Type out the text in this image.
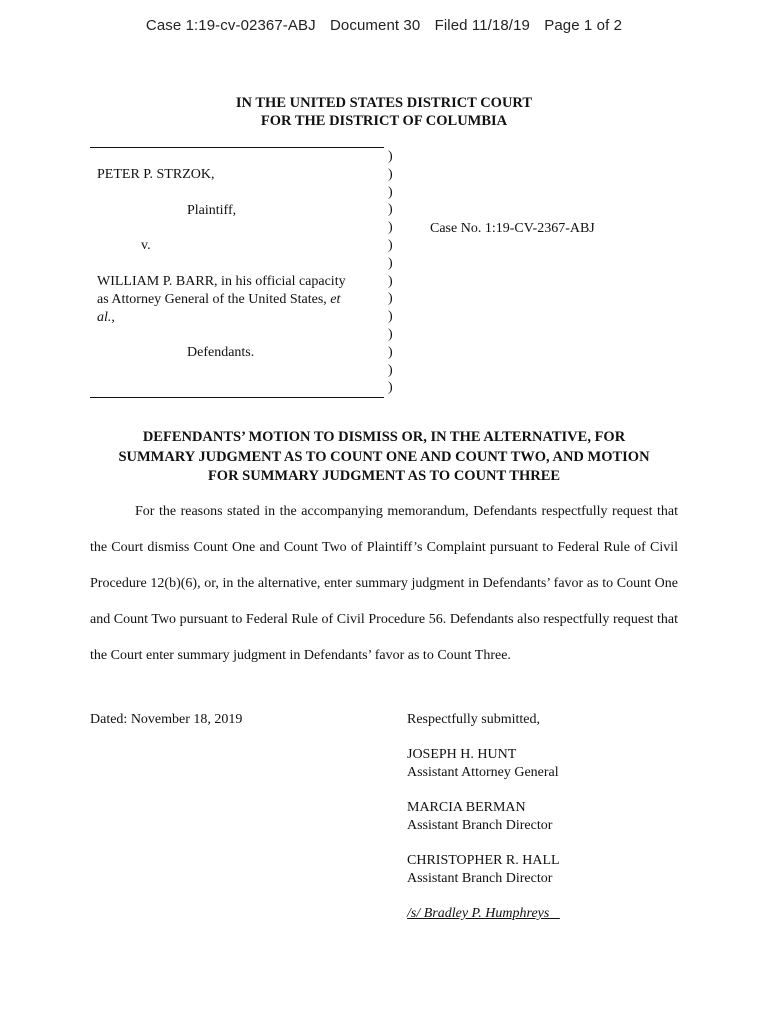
Case 1:19-cv-02367-ABJ Document 30 Filed 11/18/19 Page 1 of 2
IN THE UNITED STATES DISTRICT COURT
FOR THE DISTRICT OF COLUMBIA
)
)
)
)
)
)
)
)
)
)
)
)
)
)
PETER P. STRZOK,
Plaintiff,
v.
WILLIAM P. BARR, in his official capacity
as Attorney General of the United States, et
al.,
Defendants.
Case No. 1:19-CV-2367-ABJ
DEFENDANTS’ MOTION TO DISMISS OR, IN THE ALTERNATIVE, FOR
SUMMARY JUDGMENT AS TO COUNT ONE AND COUNT TWO, AND MOTION
FOR SUMMARY JUDGMENT AS TO COUNT THREE

For the reasons stated in the accompanying memorandum, Defendants respectfully request that the Court dismiss Count One and Count Two of Plaintiff’s Complaint pursuant to Federal Rule of Civil Procedure 12(b)(6), or, in the alternative, enter summary judgment in Defendants’ favor as to Count One and Count Two pursuant to Federal Rule of Civil Procedure 56. Defendants also respectfully request that the Court enter summary judgment in Defendants’ favor as to Count Three.

Dated: November 18, 2019	Respectfully submitted,
JOSEPH H. HUNT
Assistant Attorney General
MARCIA BERMAN
Assistant Branch Director
CHRISTOPHER R. HALL
Assistant Branch Director
/s/ Bradley P. Humphreys
